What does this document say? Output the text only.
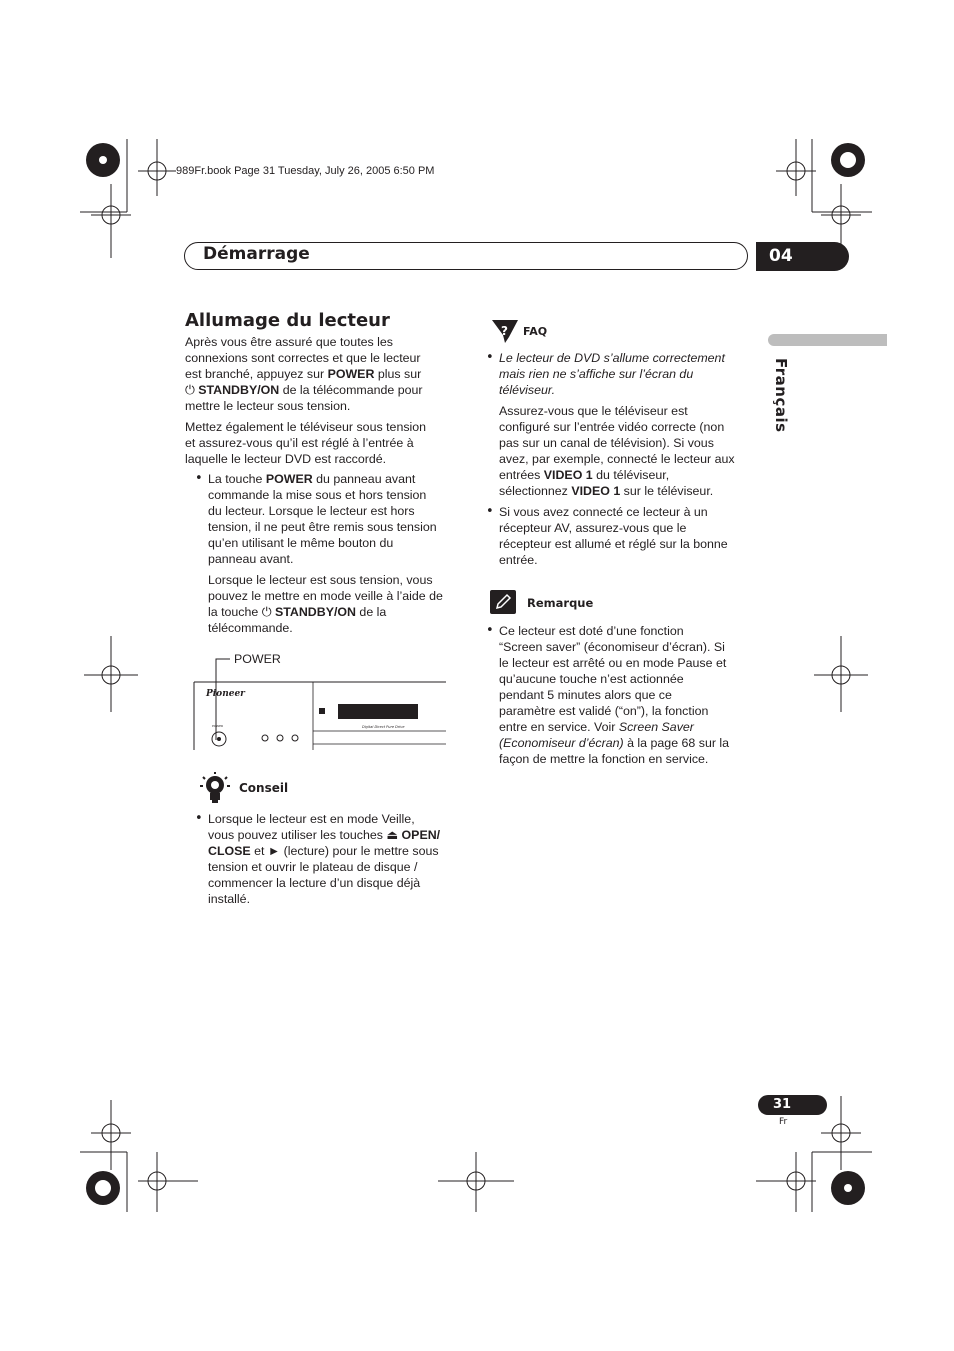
989Fr.book Page 31 Tuesday, July 26, 2005 6:50 PM
Démarrage	04
Français
Allumage du lecteur
Après vous être assuré que toutes les
connexions sont correctes et que le lecteur
est branché, appuyez sur POWER plus sur
⏻ STANDBY/ON de la télécommande pour
mettre le lecteur sous tension.
Mettez également le téléviseur sous tension
et assurez-vous qu’il est réglé à l’entrée à
laquelle le lecteur DVD est raccordé.
• La touche POWER du panneau avant
commande la mise sous et hors tension
du lecteur. Lorsque le lecteur est hors
tension, il ne peut être remis sous tension
qu’en utilisant le même bouton du
panneau avant.
Lorsque le lecteur est sous tension, vous
pouvez le mettre en mode veille à l’aide de
la touche ⏻ STANDBY/ON de la
télécommande.
POWER
Pioneer
Digital Direct Pure Drive
POWER
Conseil
• Lorsque le lecteur est en mode Veille,
vous pouvez utiliser les touches ⏏ OPEN/
CLOSE et ► (lecture) pour le mettre sous
tension et ouvrir le plateau de disque /
commencer la lecture d’un disque déjà
installé.
? FAQ
• Le lecteur de DVD s’allume correctement
mais rien ne s’affiche sur l’écran du
téléviseur.
Assurez-vous que le téléviseur est
configuré sur l’entrée vidéo correcte (non
pas sur un canal de télévision). Si vous
avez, par exemple, connecté le lecteur aux
entrées VIDEO 1 du téléviseur,
sélectionnez VIDEO 1 sur le téléviseur.
• Si vous avez connecté ce lecteur à un
récepteur AV, assurez-vous que le
récepteur est allumé et réglé sur la bonne
entrée.
Remarque
• Ce lecteur est doté d’une fonction
“Screen saver” (économiseur d’écran). Si
le lecteur est arrêté ou en mode Pause et
qu’aucune touche n’est actionnée
pendant 5 minutes alors que ce
paramètre est validé (“on”), la fonction
entre en service. Voir Screen Saver
(Economiseur d’écran) à la page 68 sur la
façon de mettre la fonction en service.
31
Fr
